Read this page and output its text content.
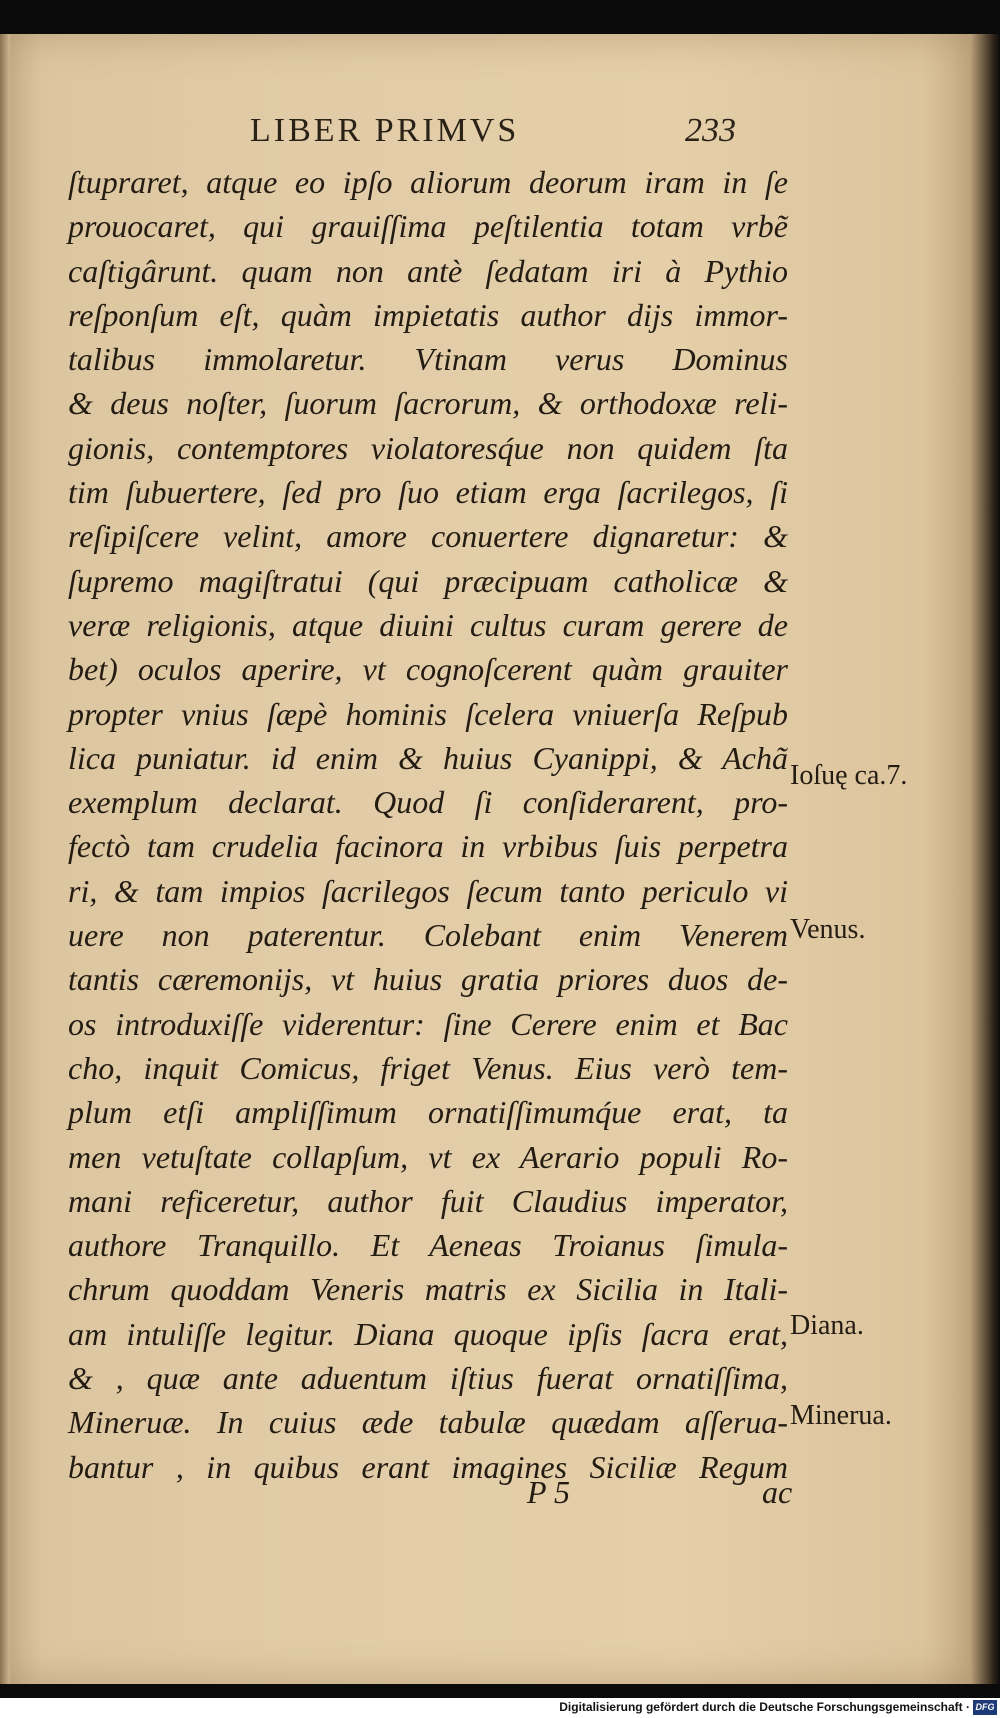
LIBER PRIMVS	233
ſtupraret, atque eo ipſo aliorum deorum iram in ſe
prouocaret, qui grauiſſima peſtilentia totam vrbẽ
caſtigârunt. quam non antè ſedatam iri à Pythio
reſponſum eſt, quàm impietatis author dijs immor-
talibus immolaretur. Vtinam verus Dominus
& deus noſter, ſuorum ſacrorum, & orthodoxæ reli-
gionis, contemptores violatoresq́ue non quidem ſta
tim ſubuertere, ſed pro ſuo etiam erga ſacrilegos, ſi
reſipiſcere velint, amore conuertere dignaretur: &
ſupremo magiſtratui (qui præcipuam catholicæ &
veræ religionis, atque diuini cultus curam gerere de
bet) oculos aperire, vt cognoſcerent quàm grauiter
propter vnius ſæpè hominis ſcelera vniuerſa Reſpub
lica puniatur. id enim & huius Cyanippi, & Achã
exemplum declarat. Quod ſi conſiderarent, pro-
fectò tam crudelia facinora in vrbibus ſuis perpetra
ri, & tam impios ſacrilegos ſecum tanto periculo vi
uere non paterentur. Colebant enim Venerem
tantis cæremonijs, vt huius gratia priores duos de-
os introduxiſſe viderentur: ſine Cerere enim et Bac
cho, inquit Comicus, friget Venus. Eius verò tem-
plum etſi ampliſſimum ornatiſſimumq́ue erat, ta
men vetuſtate collapſum, vt ex Aerario populi Ro-
mani reficeretur, author fuit Claudius imperator,
authore Tranquillo. Et Aeneas Troianus ſimula-
chrum quoddam Veneris matris ex Sicilia in Itali-
am intuliſſe legitur. Diana quoque ipſis ſacra erat,
& , quæ ante aduentum iſtius fuerat ornatiſſima,
Mineruæ. In cuius æde tabulæ quædam aſſerua-
bantur , in quibus erant imagines Siciliæ Regum
Ioſuę ca.7.
Venus.
Diana.
Minerua.
P 5	ac
Digitalisierung gefördert durch die Deutsche Forschungsgemeinschaft · DFG
